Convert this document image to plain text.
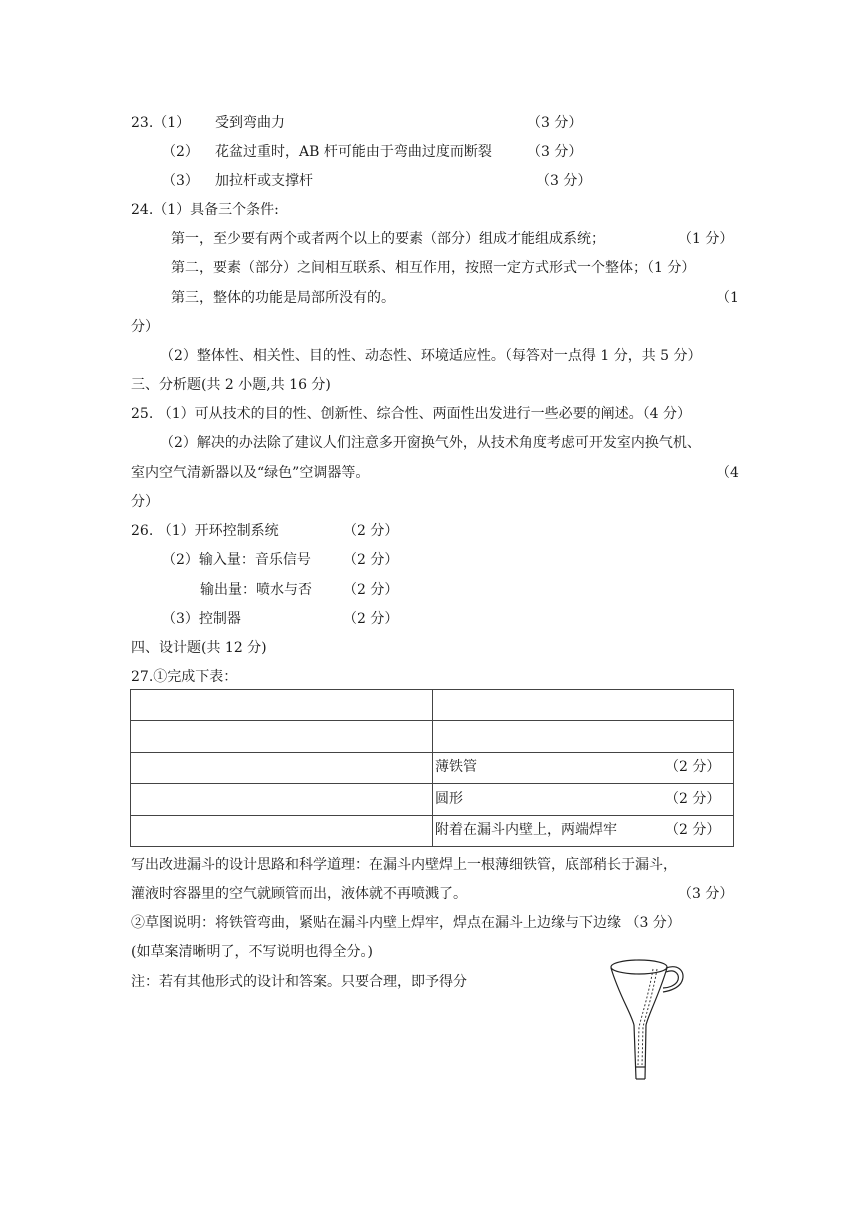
23.（1） 受到弯曲力	（3 分）
（2） 花盆过重时，AB 杆可能由于弯曲过度而断裂	（3 分）
（3） 加拉杆或支撑杆	（3 分）
24.（1）具备三个条件:
第一，至少要有两个或者两个以上的要素（部分）组成才能组成系统；	（1 分）
第二，要素（部分）之间相互联系、相互作用，按照一定方式形式一个整体；（1 分）
第三，整体的功能是局部所没有的。	（1
分）
（2）整体性、相关性、目的性、动态性、环境适应性。（每答对一点得 1 分，共 5 分）
三、分析题(共 2 小题,共 16 分)
25. （1）可从技术的目的性、创新性、综合性、两面性出发进行一些必要的阐述。（4 分）
（2）解决的办法除了建议人们注意多开窗换气外，从技术角度考虑可开发室内换气机、
室内空气清新器以及“绿色”空调器等。	（4
分）
26. （1）开环控制系统	（2 分）
（2）输入量：音乐信号 （2 分）
输出量：喷水与否 （2 分）
（3）控制器	（2 分）
四、设计题(共 12 分)
27.①完成下表：

	薄铁管 （2 分）

	圆形 （2 分）

	附着在漏斗内壁上，两端焊牢 （2 分）
写出改进漏斗的设计思路和科学道理：在漏斗内壁焊上一根薄细铁管，底部稍长于漏斗，
灌液时容器里的空气就顾管而出，液体就不再喷溅了。	（3 分）
②草图说明：将铁管弯曲，紧贴在漏斗内壁上焊牢，焊点在漏斗上边缘与下边缘 （3 分）
(如草案清晰明了，不写说明也得全分。)
注：若有其他形式的设计和答案。只要合理，即予得分
